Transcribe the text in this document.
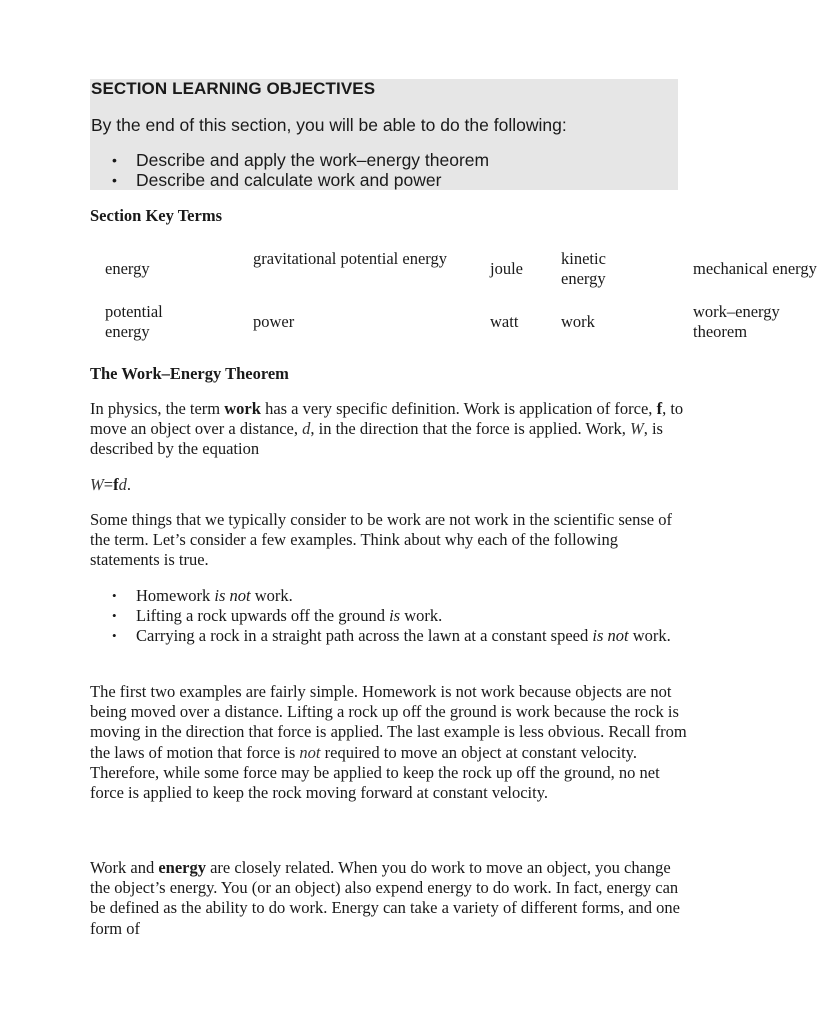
SECTION LEARNING OBJECTIVES
By the end of this section, you will be able to do the following:
• Describe and apply the work–energy theorem
• Describe and calculate work and power
Section Key Terms
energy
gravitational potential energy
joule
kinetic energy
mechanical energy
potential energy
power	watt	work
work–energy theorem
The Work–Energy Theorem
In physics, the term work has a very specific definition. Work is application of force, f, to move an object over a distance, d, in the direction that the force is applied. Work, W, is described by the equation
W=fd.
Some things that we typically consider to be work are not work in the scientific sense of the term. Let’s consider a few examples. Think about why each of the following statements is true.
• Homework is not work.
• Lifting a rock upwards off the ground is work.
• Carrying a rock in a straight path across the lawn at a constant speed is not work.
The first two examples are fairly simple. Homework is not work because objects are not being moved over a distance. Lifting a rock up off the ground is work because the rock is moving in the direction that force is applied. The last example is less obvious. Recall from the laws of motion that force is not required to move an object at constant velocity. Therefore, while some force may be applied to keep the rock up off the ground, no net force is applied to keep the rock moving forward at constant velocity.
Work and energy are closely related. When you do work to move an object, you change the object’s energy. You (or an object) also expend energy to do work. In fact, energy can be defined as the ability to do work. Energy can take a variety of different forms, and one form of
